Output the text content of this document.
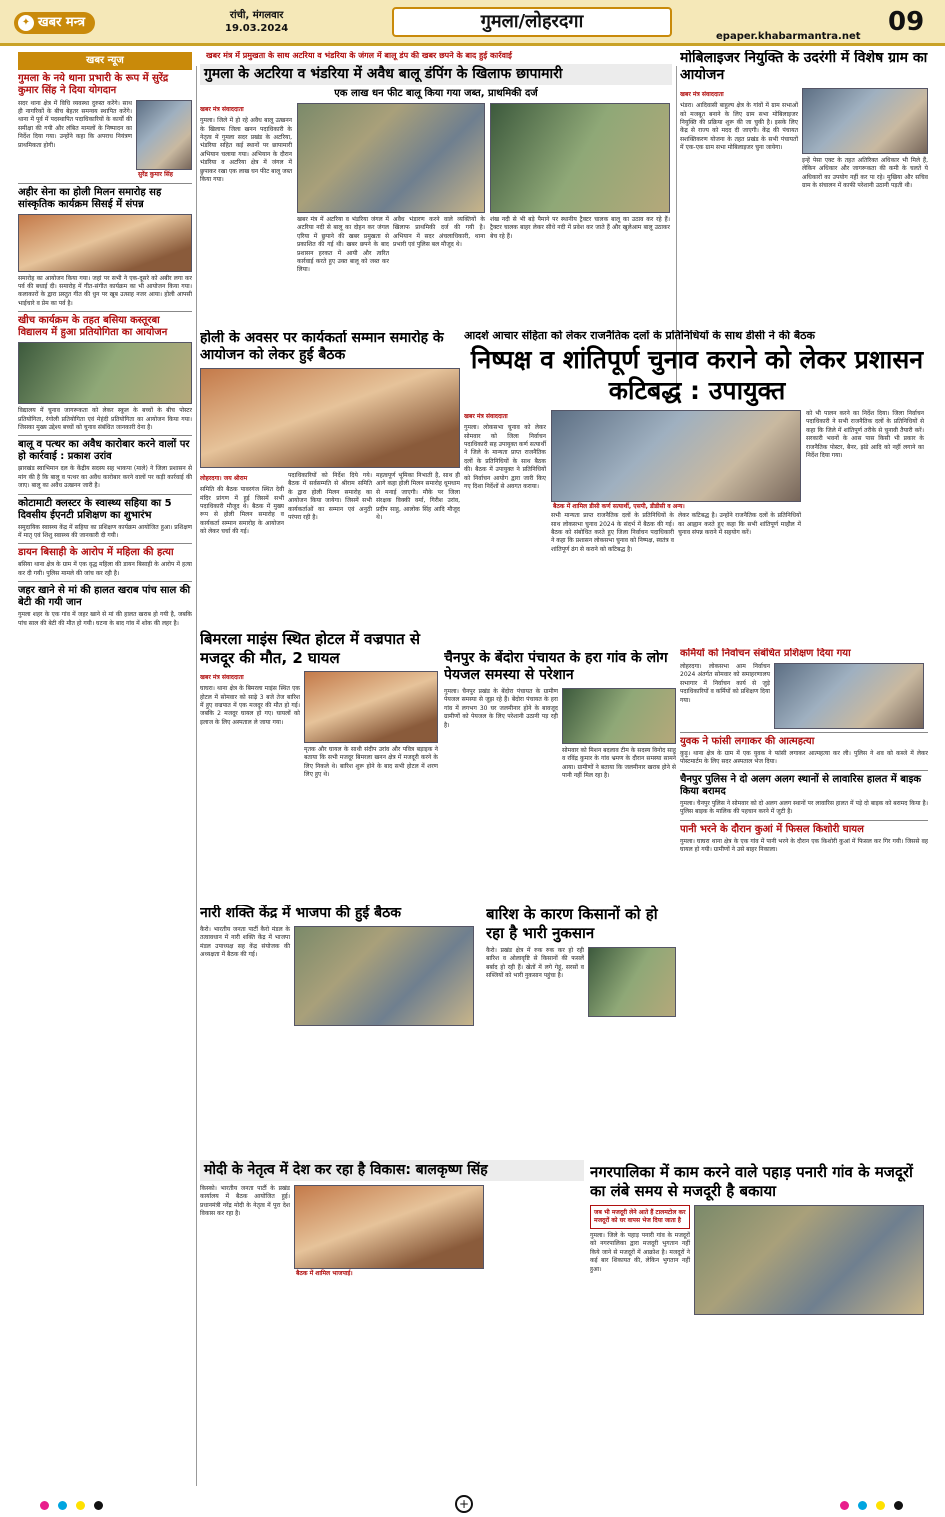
✦ खबर मन्त्र	रांची, मंगलवार
19.03.2024	गुमला/लोहरदगा	09
epaper.khabarmantra.net
खबर मंत्र में प्रमुखता के साथ अटरिया व भंडरिया के जंगल में बालू डंप की खबर छपने के बाद हुई कार्रवाई
खबर न्यूज
गुमला के नये थाना प्रभारी के रूप में सुरेंद्र कुमार सिंह ने दिया योगदान
सदर थाना क्षेत्र में विधि व्यवस्था दुरुस्त करेंगे। साथ ही नागरिकों के बीच बेहतर समन्वय स्थापित करेंगे। थाना में पूर्व में पदस्थापित पदाधिकारियों के कार्यों की समीक्षा की गयी और लंबित मामलों के निष्पादन का निर्देश दिया गया। उन्होंने कहा कि अपराध नियंत्रण प्राथमिकता होगी।
सुरेंद्र कुमार सिंह
अहीर सेना का होली मिलन समारोह सह सांस्कृतिक कार्यक्रम सिसई में संपन्न
समारोह का आयोजन किया गया। जहां पर सभी ने एक-दूसरे को अबीर लगा कर पर्व की बधाई दी। समारोह में गीत-संगीत कार्यक्रम का भी आयोजन किया गया। कलाकारों के द्वारा प्रस्तुत गीत की धुन पर खूब उत्साह नजर आया। होली आपसी भाईचारे व प्रेम का पर्व है।
खीच कार्यक्रम के तहत बसिया कस्तूरबा विद्यालय में हुआ प्रतियोगिता का आयोजन
विद्यालय में चुनाव जागरूकता को लेकर स्कूल के बच्चों के बीच पोस्टर प्रतियोगिता, रंगोली प्रतियोगिता एवं मेहंदी प्रतियोगिता का आयोजन किया गया। जिसका मुख्य उद्देश्य बच्चों को चुनाव संबंधित जानकारी देना है।
बालू व पत्थर का अवैध कारोबार करने वालों पर हो कार्रवाई : प्रकाश उरांव
झारखंड स्वाभिमान दल के केंद्रीय सदस्य सह भाकपा (माले) ने जिला प्रशासन से मांग की है कि बालू व पत्थर का अवैध कारोबार करने वालों पर कड़ी कार्रवाई की जाए। बालू का अवैध उत्खनन जारी है।
कोटामाटी क्लस्टर के स्वास्थ्य सहिया का 5 दिवसीय ईएनटी प्रशिक्षण का शुभारंभ
समुदायिक स्वास्थ्य केंद्र में सहिया का प्रशिक्षण कार्यक्रम आयोजित हुआ। प्रशिक्षण में मातृ एवं शिशु स्वास्थ्य की जानकारी दी गयी।
डायन बिसाही के आरोप में महिला की हत्या
बसिया थाना क्षेत्र के ग्राम में एक वृद्ध महिला की डायन बिसाही के आरोप में हत्या कर दी गयी। पुलिस मामले की जांच कर रही है।
जहर खाने से मां की हालत खराब पांच साल की बेटी की गयी जान
गुमला शहर के एक गांव में जहर खाने से मां की हालत खराब हो गयी है, जबकि पांच साल की बेटी की मौत हो गयी। घटना के बाद गांव में शोक की लहर है।
गुमला के अटरिया व भंडरिया में अवैध बालू डंपिंग के खिलाफ छापामारी
एक लाख धन फीट बालू किया गया जब्त, प्राथमिकी दर्ज
खबर मंत्र संवाददाता
गुमला। जिले में हो रहे अवैध बालू उत्खनन के खिलाफ जिला खनन पदाधिकारी के नेतृत्व में गुमला सदर प्रखंड के अटरिया, भंडरिया सहित कई स्थानों पर छापामारी अभियान चलाया गया। अभियान के दौरान भंडरिया व अटरिया क्षेत्र में जंगल में छुपाकर रखा एक लाख घन फीट बालू जब्त किया गया।
खबर मंत्र में अटरिया व भंडरिया जंगल में अटरिया नदी से बालू का दोहन कर जंगल एरिया में छुपाने की खबर प्रमुखता से प्रकाशित की गई थी। खबर छपने के बाद प्रशासन हरकत में आयी और त्वरित कार्रवाई करते हुए उक्त बालू को जब्त कर लिया।
अवैध भंडारण करने वाले व्यक्तियों के खिलाफ प्राथमिकी दर्ज की गयी है। अभियान में सदर अंचलाधिकारी, थाना प्रभारी एवं पुलिस बल मौजूद थे।
शंख नदी से भी बड़े पैमाने पर स्थानीय ट्रैक्टर चालक बालू का उठाव कर रहे हैं। ट्रैक्टर चालक बाहर लेकर सीधे नदी में प्रवेश कर जाते हैं और खुलेआम बालू उठाकर बेच रहे हैं।
मोबिलाइजर नियुक्ति के उदरंगी में विशेष ग्राम का आयोजन
खबर मंत्र संवाददाता
भंडरा। आदिवासी बाहुल्य क्षेत्र के गांवों में ग्राम सभाओं को मजबूत बनाने के लिए ग्राम सभा मोबिलाइजर नियुक्ति की प्रक्रिया शुरू की जा चुकी है। इसके लिए केंद्र से राज्य को मदद दी जाएगी। केंद्र की पंचायत सशक्तिकरण योजना के तहत प्रखंड के सभी पंचायतों में एक-एक ग्राम सभा मोबिलाइजर चुना जायेगा।
इन्हें पेसा एक्ट के तहत अतिरिक्त अधिकार भी मिले हैं, लेकिन अधिकार और जागरूकता की कमी के चलते ये अधिकारों का उपयोग नहीं कर पा रहे। मुखिया और सचिव ग्राम के संचालन में काफी परेशानी उठानी पड़ती थी।
होली के अवसर पर कार्यकर्ता सम्मान समारोह के आयोजन को लेकर हुई बैठक
लोहरदगा। जय श्रीराम
समिति की बैठक पावरगंज स्थित देवी मंदिर प्रांगण में हुई जिसमें सभी पदाधिकारी मौजूद थे। बैठक में मुख्य रूप से होली मिलन समारोह व कार्यकर्ता सम्मान समारोह के आयोजन को लेकर चर्चा की गई।
पदाधिकारियों को निर्देश दिये गये। बैठक में सर्वसम्मति से श्रीराम समिति के द्वारा होली मिलन समारोह का आयोजन किया जायेगा। जिसमें सभी कार्यकर्ताओं का सम्मान एवं अनुठी परंपरा रही है।
महत्वपूर्ण भूमिका निभाती है, साथ ही आगे कहा होली मिलन समारोह धूमधाम से मनाई जाएगी। मौके पर जिला संरक्षक विक्की वर्मा, गिरीश उरांव, प्रदीप साहु, आलोक सिंह आदि मौजूद थे।
आदर्श आचार संहिता को लेकर राजनैतिक दलों के प्रतिनिधियों के साथ डीसी ने की बैठक
निष्पक्ष व शांतिपूर्ण चुनाव कराने को लेकर प्रशासन कटिबद्ध : उपायुक्त
खबर मंत्र संवाददाता
गुमला। लोकसभा चुनाव को लेकर सोमवार को जिला निर्वाचन पदाधिकारी सह उपायुक्त कर्ण सत्यार्थी ने जिले के मान्यता प्राप्त राजनैतिक दलों के प्रतिनिधियों के साथ बैठक की। बैठक में उपायुक्त ने प्रतिनिधियों को निर्वाचन आयोग द्वारा जारी किए गए दिशा निर्देशों से अवगत कराया।
बैठक में शामिल डीसी कर्ण सत्यार्थी, एसपी, डीडीसी व अन्य।
सभी मान्यता प्राप्त राजनैतिक दलों के प्रतिनिधियों के साथ लोकसभा चुनाव 2024 के संदर्भ में बैठक की गई। बैठक को संबोधित करते हुए जिला निर्वाचन पदाधिकारी ने कहा कि प्रशासन लोकसभा चुनाव को निष्पक्ष, स्वतंत्र व शांतिपूर्ण ढंग से कराने को कटिबद्ध है।
लेकर कटिबद्ध है। उन्होंने राजनैतिक दलों के प्रतिनिधियों का आह्वान करते हुए कहा कि सभी शांतिपूर्ण माहौल में चुनाव संपन्न कराने में सहयोग करें।
को भी पालन करने का निर्देश दिया। जिला निर्वाचन पदाधिकारी ने सभी राजनैतिक दलों के प्रतिनिधियों से कहा कि जिले में शांतिपूर्ण तरीके से चुनावी तैयारी करें। सरकारी भवनों के आस पास किसी भी प्रकार के राजनैतिक पोस्टर, बैनर, झंडे आदि को नहीं लगाने का निर्देश दिया गया।
बिमरला माइंस स्थित होटल में वज्रपात से मजदूर की मौत, 2 घायल
खबर मंत्र संवाददाता
घाघरा। थाना क्षेत्र के बिमरला माइंस स्थित एक होटल में सोमवार को साढ़े 3 बजे तेज बारिश में हुए वज्रपात में एक मजदूर की मौत हो गई। जबकि 2 मजदूर घायल हो गए। घायलों को इलाज के लिए अस्पताल ले जाया गया।
मृतक और घायल के साथी संदीप उरांव और पवित्र बड़ाइक ने बताया कि सभी मजदूर बिमरला खनन क्षेत्र में मजदूरी करने के लिए निकले थे। बारिश शुरू होने के बाद सभी होटल में शरण लिए हुए थे।
चैनपुर के बेंदोरा पंचायत के हरा गांव के लोग पेयजल समस्या से परेशान
गुमला। चैनपुर प्रखंड के बेंदोरा पंचायत के ग्रामीण पेयजल समस्या से जूझ रहे हैं। बेंदोरा पंचायत के हरा गांव में लगभग 30 घर जलमीनार होने के बावजूद ग्रामीणों को पेयजल के लिए परेशानी उठानी पड़ रही है।
सोमवार को मिशन बदलाव टीम के सदस्य विनोद साहू व रविंद्र कुमार के गांव भ्रमण के दौरान समस्या सामने आया। ग्रामीणों ने बताया कि जलमीनार खराब होने से पानी नहीं मिल रहा है।
कर्मियों को निर्वाचन संबंधित प्रशिक्षण दिया गया
लोहरदगा। लोकसभा आम निर्वाचन 2024 अंतर्गत सोमवार को समाहरणालय सभागार में निर्वाचन कार्य से जुड़े पदाधिकारियों व कर्मियों को प्रशिक्षण दिया गया।
युवक ने फांसी लगाकर की आत्महत्या
कुड़ू। थाना क्षेत्र के ग्राम में एक युवक ने फांसी लगाकर आत्महत्या कर ली। पुलिस ने शव को कब्जे में लेकर पोस्टमार्टम के लिए सदर अस्पताल भेज दिया।
चैनपुर पुलिस ने दो अलग अलग स्थानों से लावारिस हालत में बाइक किया बरामद
गुमला। चैनपुर पुलिस ने सोमवार को दो अलग अलग स्थानों पर लावारिस हालत में पड़े दो बाइक को बरामद किया है। पुलिस बाइक के मालिक की पहचान करने में जुटी है।
पानी भरने के दौरान कुआं में फिसल किशोरी घायल
गुमला। घाघरा थाना क्षेत्र के एक गांव में पानी भरने के दौरान एक किशोरी कुआं में फिसल कर गिर गयी। जिससे वह घायल हो गयी। ग्रामीणों ने उसे बाहर निकाला।
नारी शक्ति केंद्र में भाजपा की हुई बैठक
कैरो। भारतीय जनता पार्टी कैरो मंडल के तत्वावधान में नारी शक्ति केंद्र में भाजपा मंडल उपाध्यक्ष सह केंद्र संयोजक की अध्यक्षता में बैठक की गई।
बारिश के कारण किसानों को हो रहा है भारी नुकसान
कैरो। प्रखंड क्षेत्र में रुक रुक कर हो रही बारिश व ओलावृष्टि से किसानों की फसलें बर्बाद हो रही हैं। खेतों में लगे गेहूं, सरसों व सब्जियों को भारी नुकसान पहुंचा है।
मोदी के नेतृत्व में देश कर रहा है विकास: बालकृष्ण सिंह
किस्को। भारतीय जनता पार्टी के प्रखंड कार्यालय में बैठक आयोजित हुई। प्रधानमंत्री नरेंद्र मोदी के नेतृत्व में पूरा देश विकास कर रहा है।
बैठक में शामिल भाजपाई।
नगरपालिका में काम करने वाले पहाड़ पनारी गांव के मजदूरों का लंबे समय से मजदूरी है बकाया
जब भी मजदूरी लेने आते हैं टालमटोल कर मजदूरों को घर वापस भेज दिया जाता है
गुमला। जिले के पहाड़ पनारी गांव के मजदूरों को नगरपालिका द्वारा मजदूरी भुगतान नहीं किये जाने से मजदूरों में आक्रोश है। मजदूरों ने कई बार शिकायत की, लेकिन भुगतान नहीं हुआ।
+
